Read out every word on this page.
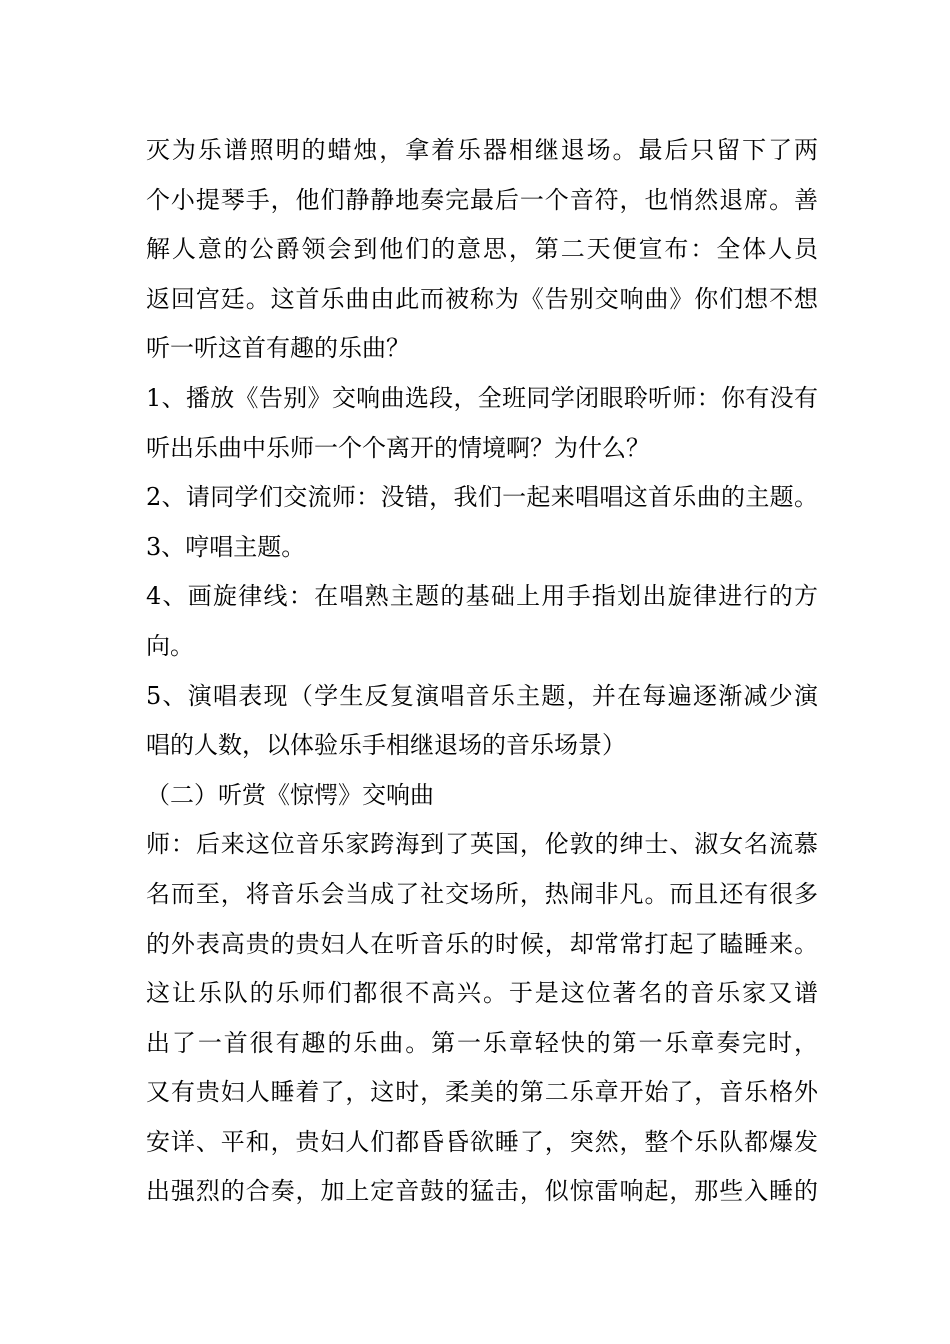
灭为乐谱照明的蜡烛，拿着乐器相继退场。最后只留下了两
个小提琴手，他们静静地奏完最后一个音符，也悄然退席。善
解人意的公爵领会到他们的意思，第二天便宣布：全体人员
返回宫廷。这首乐曲由此而被称为《告别交响曲》你们想不想
听一听这首有趣的乐曲？
1、播放《告别》交响曲选段，全班同学闭眼聆听师：你有没有
听出乐曲中乐师一个个离开的情境啊？为什么？
2、请同学们交流师：没错，我们一起来唱唱这首乐曲的主题。
3、哼唱主题。
4、画旋律线：在唱熟主题的基础上用手指划出旋律进行的方
向。
5、演唱表现（学生反复演唱音乐主题，并在每遍逐渐减少演
唱的人数，以体验乐手相继退场的音乐场景）
（二）听赏《惊愕》交响曲
师：后来这位音乐家跨海到了英国，伦敦的绅士、淑女名流慕
名而至，将音乐会当成了社交场所，热闹非凡。而且还有很多
的外表高贵的贵妇人在听音乐的时候，却常常打起了瞌睡来。
这让乐队的乐师们都很不高兴。于是这位著名的音乐家又谱
出了一首很有趣的乐曲。第一乐章轻快的第一乐章奏完时，
又有贵妇人睡着了，这时，柔美的第二乐章开始了，音乐格外
安详、平和，贵妇人们都昏昏欲睡了，突然，整个乐队都爆发
出强烈的合奏，加上定音鼓的猛击，似惊雷响起，那些入睡的
